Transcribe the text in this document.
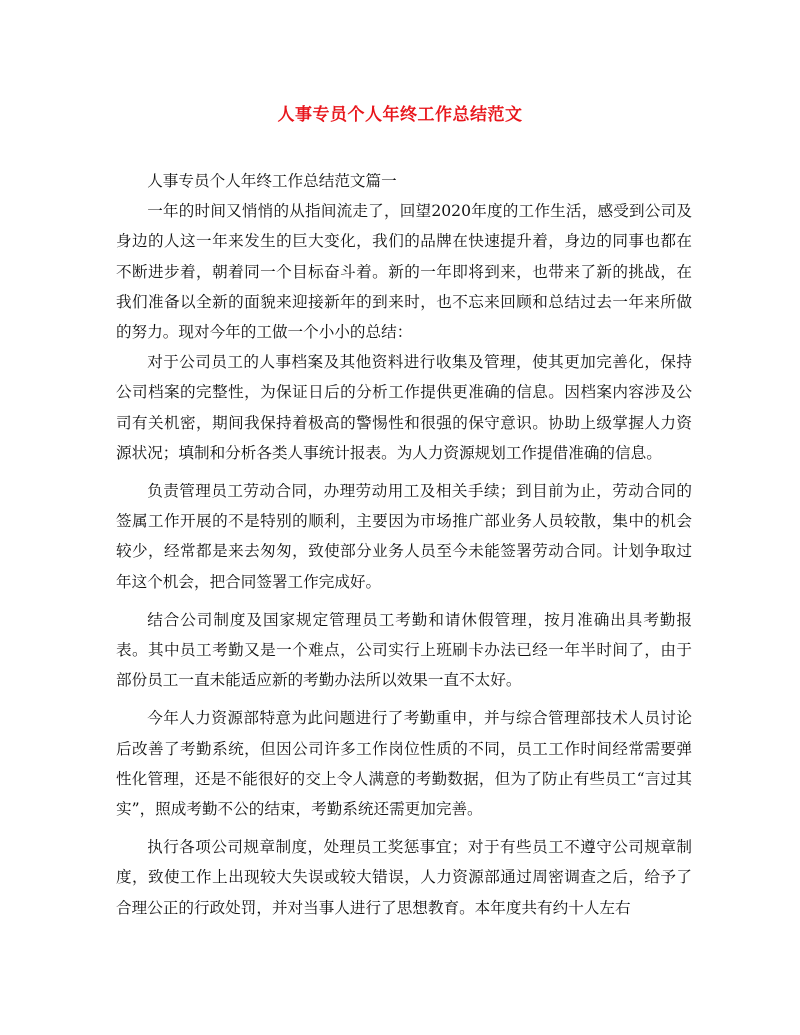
人事专员个人年终工作总结范文

人事专员个人年终工作总结范文篇一

一年的时间又悄悄的从指间流走了，回望2020年度的工作生活，感受到公司及身边的人这一年来发生的巨大变化，我们的品牌在快速提升着，身边的同事也都在不断进步着，朝着同一个目标奋斗着。新的一年即将到来，也带来了新的挑战，在我们准备以全新的面貌来迎接新年的到来时，也不忘来回顾和总结过去一年来所做的努力。现对今年的工做一个小小的总结：

对于公司员工的人事档案及其他资料进行收集及管理，使其更加完善化，保持公司档案的完整性，为保证日后的分析工作提供更准确的信息。因档案内容涉及公司有关机密，期间我保持着极高的警惕性和很强的保守意识。协助上级掌握人力资源状况；填制和分析各类人事统计报表。为人力资源规划工作提借准确的信息。

负责管理员工劳动合同，办理劳动用工及相关手续；到目前为止，劳动合同的签属工作开展的不是特别的顺利，主要因为市场推广部业务人员较散，集中的机会较少，经常都是来去匆匆，致使部分业务人员至今未能签署劳动合同。计划争取过年这个机会，把合同签署工作完成好。

结合公司制度及国家规定管理员工考勤和请休假管理，按月准确出具考勤报表。其中员工考勤又是一个难点，公司实行上班刷卡办法已经一年半时间了，由于部份员工一直未能适应新的考勤办法所以效果一直不太好。

今年人力资源部特意为此问题进行了考勤重申，并与综合管理部技术人员讨论后改善了考勤系统，但因公司许多工作岗位性质的不同，员工工作时间经常需要弹性化管理，还是不能很好的交上令人满意的考勤数据，但为了防止有些员工“言过其实”，照成考勤不公的结束，考勤系统还需更加完善。

执行各项公司规章制度，处理员工奖惩事宜；对于有些员工不遵守公司规章制度，致使工作上出现较大失误或较大错误，人力资源部通过周密调查之后，给予了合理公正的行政处罚，并对当事人进行了思想教育。本年度共有约十人左右
